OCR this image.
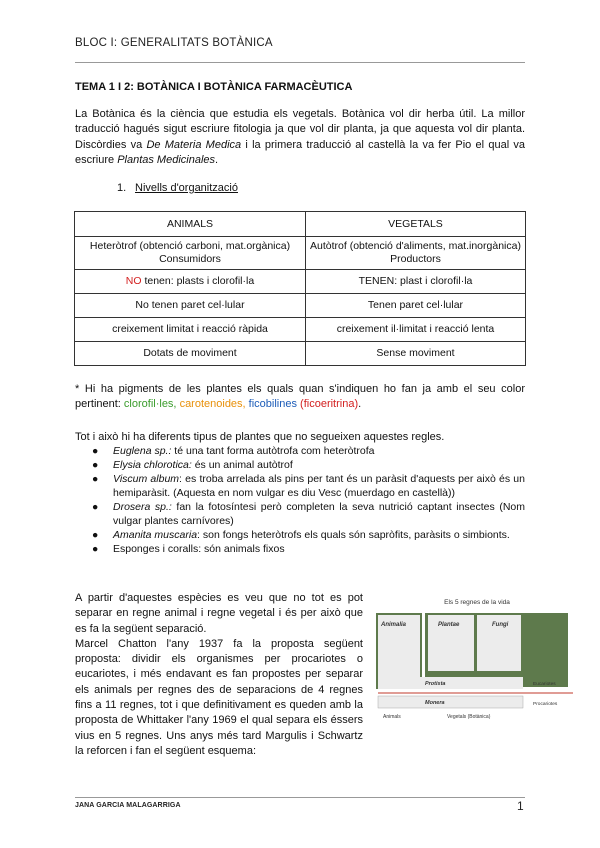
BLOC I: GENERALITATS BOTÀNICA
TEMA 1 I 2: BOTÀNICA I BOTÀNICA FARMACÈUTICA
La Botànica és la ciència que estudia els vegetals. Botànica vol dir herba útil. La millor traducció hagués sigut escriure fitologia ja que vol dir planta, ja que aquesta vol dir planta. Discòrdies va De Materia Medica i la primera traducció al castellà la va fer Pio el qual va escriure Plantas Medicinales.
1. Nivells d'organització
ANIMALS	VEGETALS
Heteròtrof (obtenció carboni, mat.orgànica) Consumidors	Autòtrof (obtenció d'aliments, mat.inorgànica) Productors
NO tenen: plasts i clorofil·la	TENEN: plast i clorofil·la
No tenen paret cel·lular	Tenen paret cel·lular
creixement limitat i reacció ràpida	creixement il·limitat i reacció lenta
Dotats de moviment	Sense moviment
* Hi ha pigments de les plantes els quals quan s'indiquen ho fan ja amb el seu color pertinent: clorofil·les, carotenoides, ficobilines (ficoeritrina).
Tot i això hi ha diferents tipus de plantes que no segueixen aquestes regles.
● Euglena sp.: té una tant forma autòtrofa com heteròtrofa
● Elysia chlorotica: és un animal autòtrof
● Viscum album: es troba arrelada als pins per tant és un paràsit d'aquests per això és un hemiparàsit. (Aquesta en nom vulgar es diu Vesc (muerdago en castellà))
● Drosera sp.: fan la fotosíntesi però completen la seva nutrició captant insectes (Nom vulgar plantes carnívores)
● Amanita muscaria: son fongs heteròtrofs els quals són sapròfits, paràsits o simbionts.
● Esponges i coralls: són animals fixos

A partir d'aquestes espècies es veu que no tot es pot separar en regne animal i regne vegetal i és per això que es fa la següent separació.

Marcel Chatton l'any 1937 fa la proposta següent proposta: dividir els organismes per procariotes o eucariotes, i més endavant es fan propostes per separar els animals per regnes des de separacions de 4 regnes fins a 11 regnes, tot i que definitivament es queden amb la proposta de Whittaker l'any 1969 el qual separa els éssers vius en 5 regnes. Uns anys més tard Margulis i Schwartz la reforcen i fan el següent esquema:

Els 5 regnes de la vida
Animalia	Plantae	Fungi
Protista
Monera
Eucariotes
Procariotes
Animals	Vegetals (Botànica)
JANA GARCIA MALAGARRIGA	1
